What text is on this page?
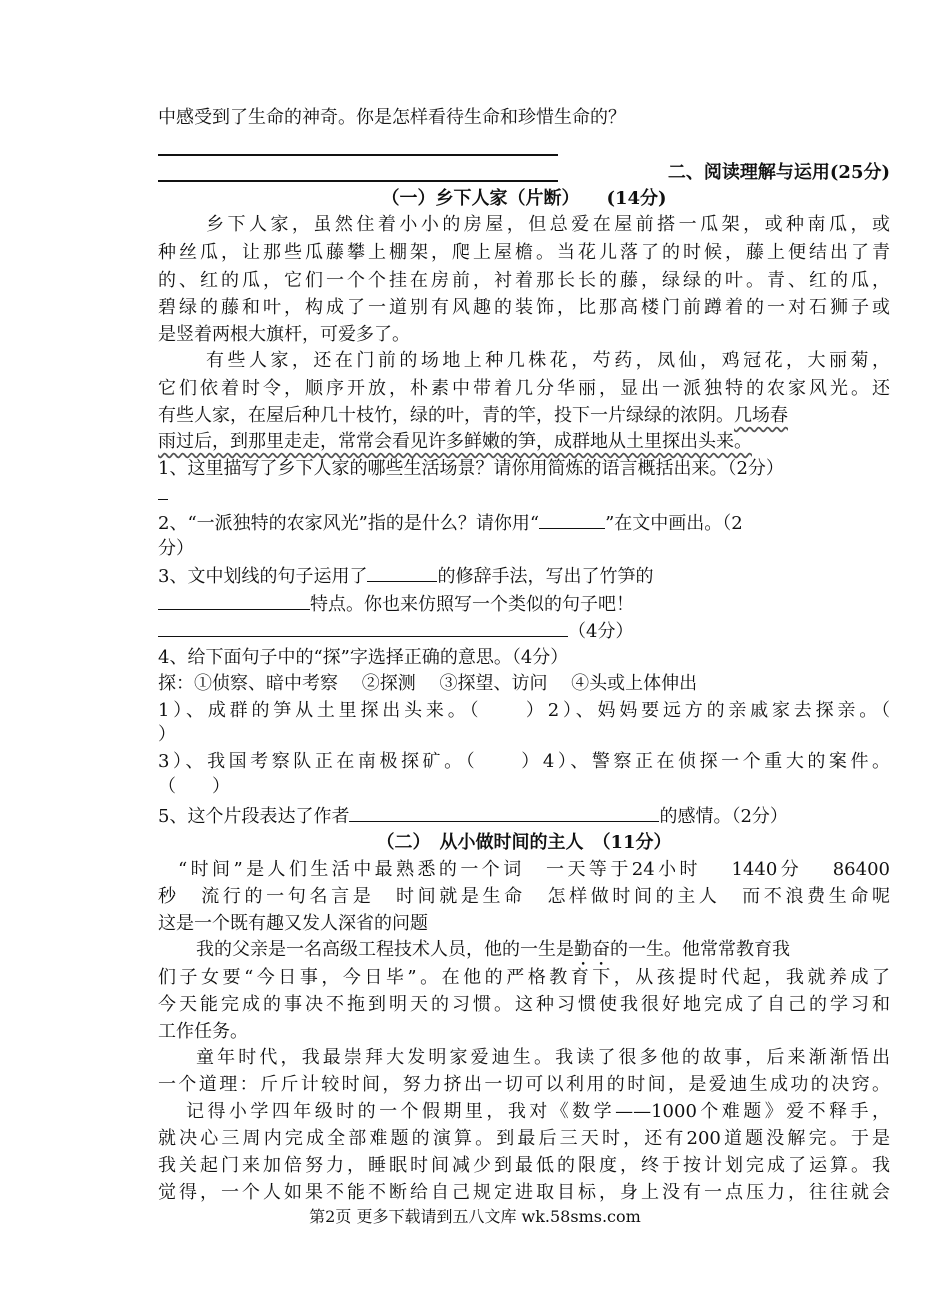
中感受到了生命的神奇。你是怎样看待生命和珍惜生命的？
二、阅读理解与运用(25分)
（一）乡下人家（片断）　　(14分)
乡下人家，虽然住着小小的房屋，但总爱在屋前搭一瓜架，或种南瓜，或
种丝瓜，让那些瓜藤攀上棚架，爬上屋檐。当花儿落了的时候，藤上便结出了青
的、红的瓜，它们一个个挂在房前，衬着那长长的藤，绿绿的叶。青、红的瓜，
碧绿的藤和叶，构成了一道别有风趣的装饰，比那高楼门前蹲着的一对石狮子或
是竖着两根大旗杆，可爱多了。
有些人家，还在门前的场地上种几株花，芍药，凤仙，鸡冠花，大丽菊，
它们依着时令，顺序开放，朴素中带着几分华丽，显出一派独特的农家风光。还
有些人家，在屋后种几十枝竹，绿的叶，青的竿，投下一片绿绿的浓阴。几场春
雨过后，到那里走走，常常会看见许多鲜嫩的笋，成群地从土里探出头来。
1、这里描写了乡下人家的哪些生活场景？请你用简炼的语言概括出来。（2分）
2、“一派独特的农家风光”指的是什么？请你用“	”在文中画出。（2
分）
3、文中划线的句子运用了	的修辞手法，写出了竹笋的
特点。你也来仿照写一个类似的句子吧！
（4分）
4、给下面句子中的“探”字选择正确的意思。（4分）
探：①侦察、暗中考察　 ②探测　 ③探望、访问　 ④头或上体伸出
1）、成群的笋从土里探出头来。（　　）2）、妈妈要远方的亲戚家去探亲。（
）
3）、我国考察队正在南极探矿。（　　）4）、警察正在侦探一个重大的案件。
（　　）
5、这个片段表达了作者	的感情。（2分）
（二）　从小做时间的主人　（11分）
“时间”是人们生活中最熟悉的一个词　一天等于24小时　 1440分　 86400
秒　流行的一句名言是　时间就是生命　怎样做时间的主人　而不浪费生命呢
这是一个既有趣又发人深省的问题
我的父亲是一名高级工程技术人员，他的一生是勤奋的一生。他常常教育我
们子女要“今日事，今日毕”。在他的严格教育下，从孩提时代起，我就养成了
今天能完成的事决不拖到明天的习惯。这种习惯使我很好地完成了自己的学习和
工作任务。
童年时代，我最崇拜大发明家爱迪生。我读了很多他的故事，后来渐渐悟出
一个道理：斤斤计较时间，努力挤出一切可以利用的时间，是爱迪生成功的决窍。
记得小学四年级时的一个假期里，我对《数学——1000个难题》爱不释手，
就决心三周内完成全部难题的演算。到最后三天时，还有200道题没解完。于是
我关起门来加倍努力，睡眠时间减少到最低的限度，终于按计划完成了运算。我
觉得，一个人如果不能不断给自己规定进取目标，身上没有一点压力，往往就会
第2页 更多下载请到五八文库 wk.58sms.com
